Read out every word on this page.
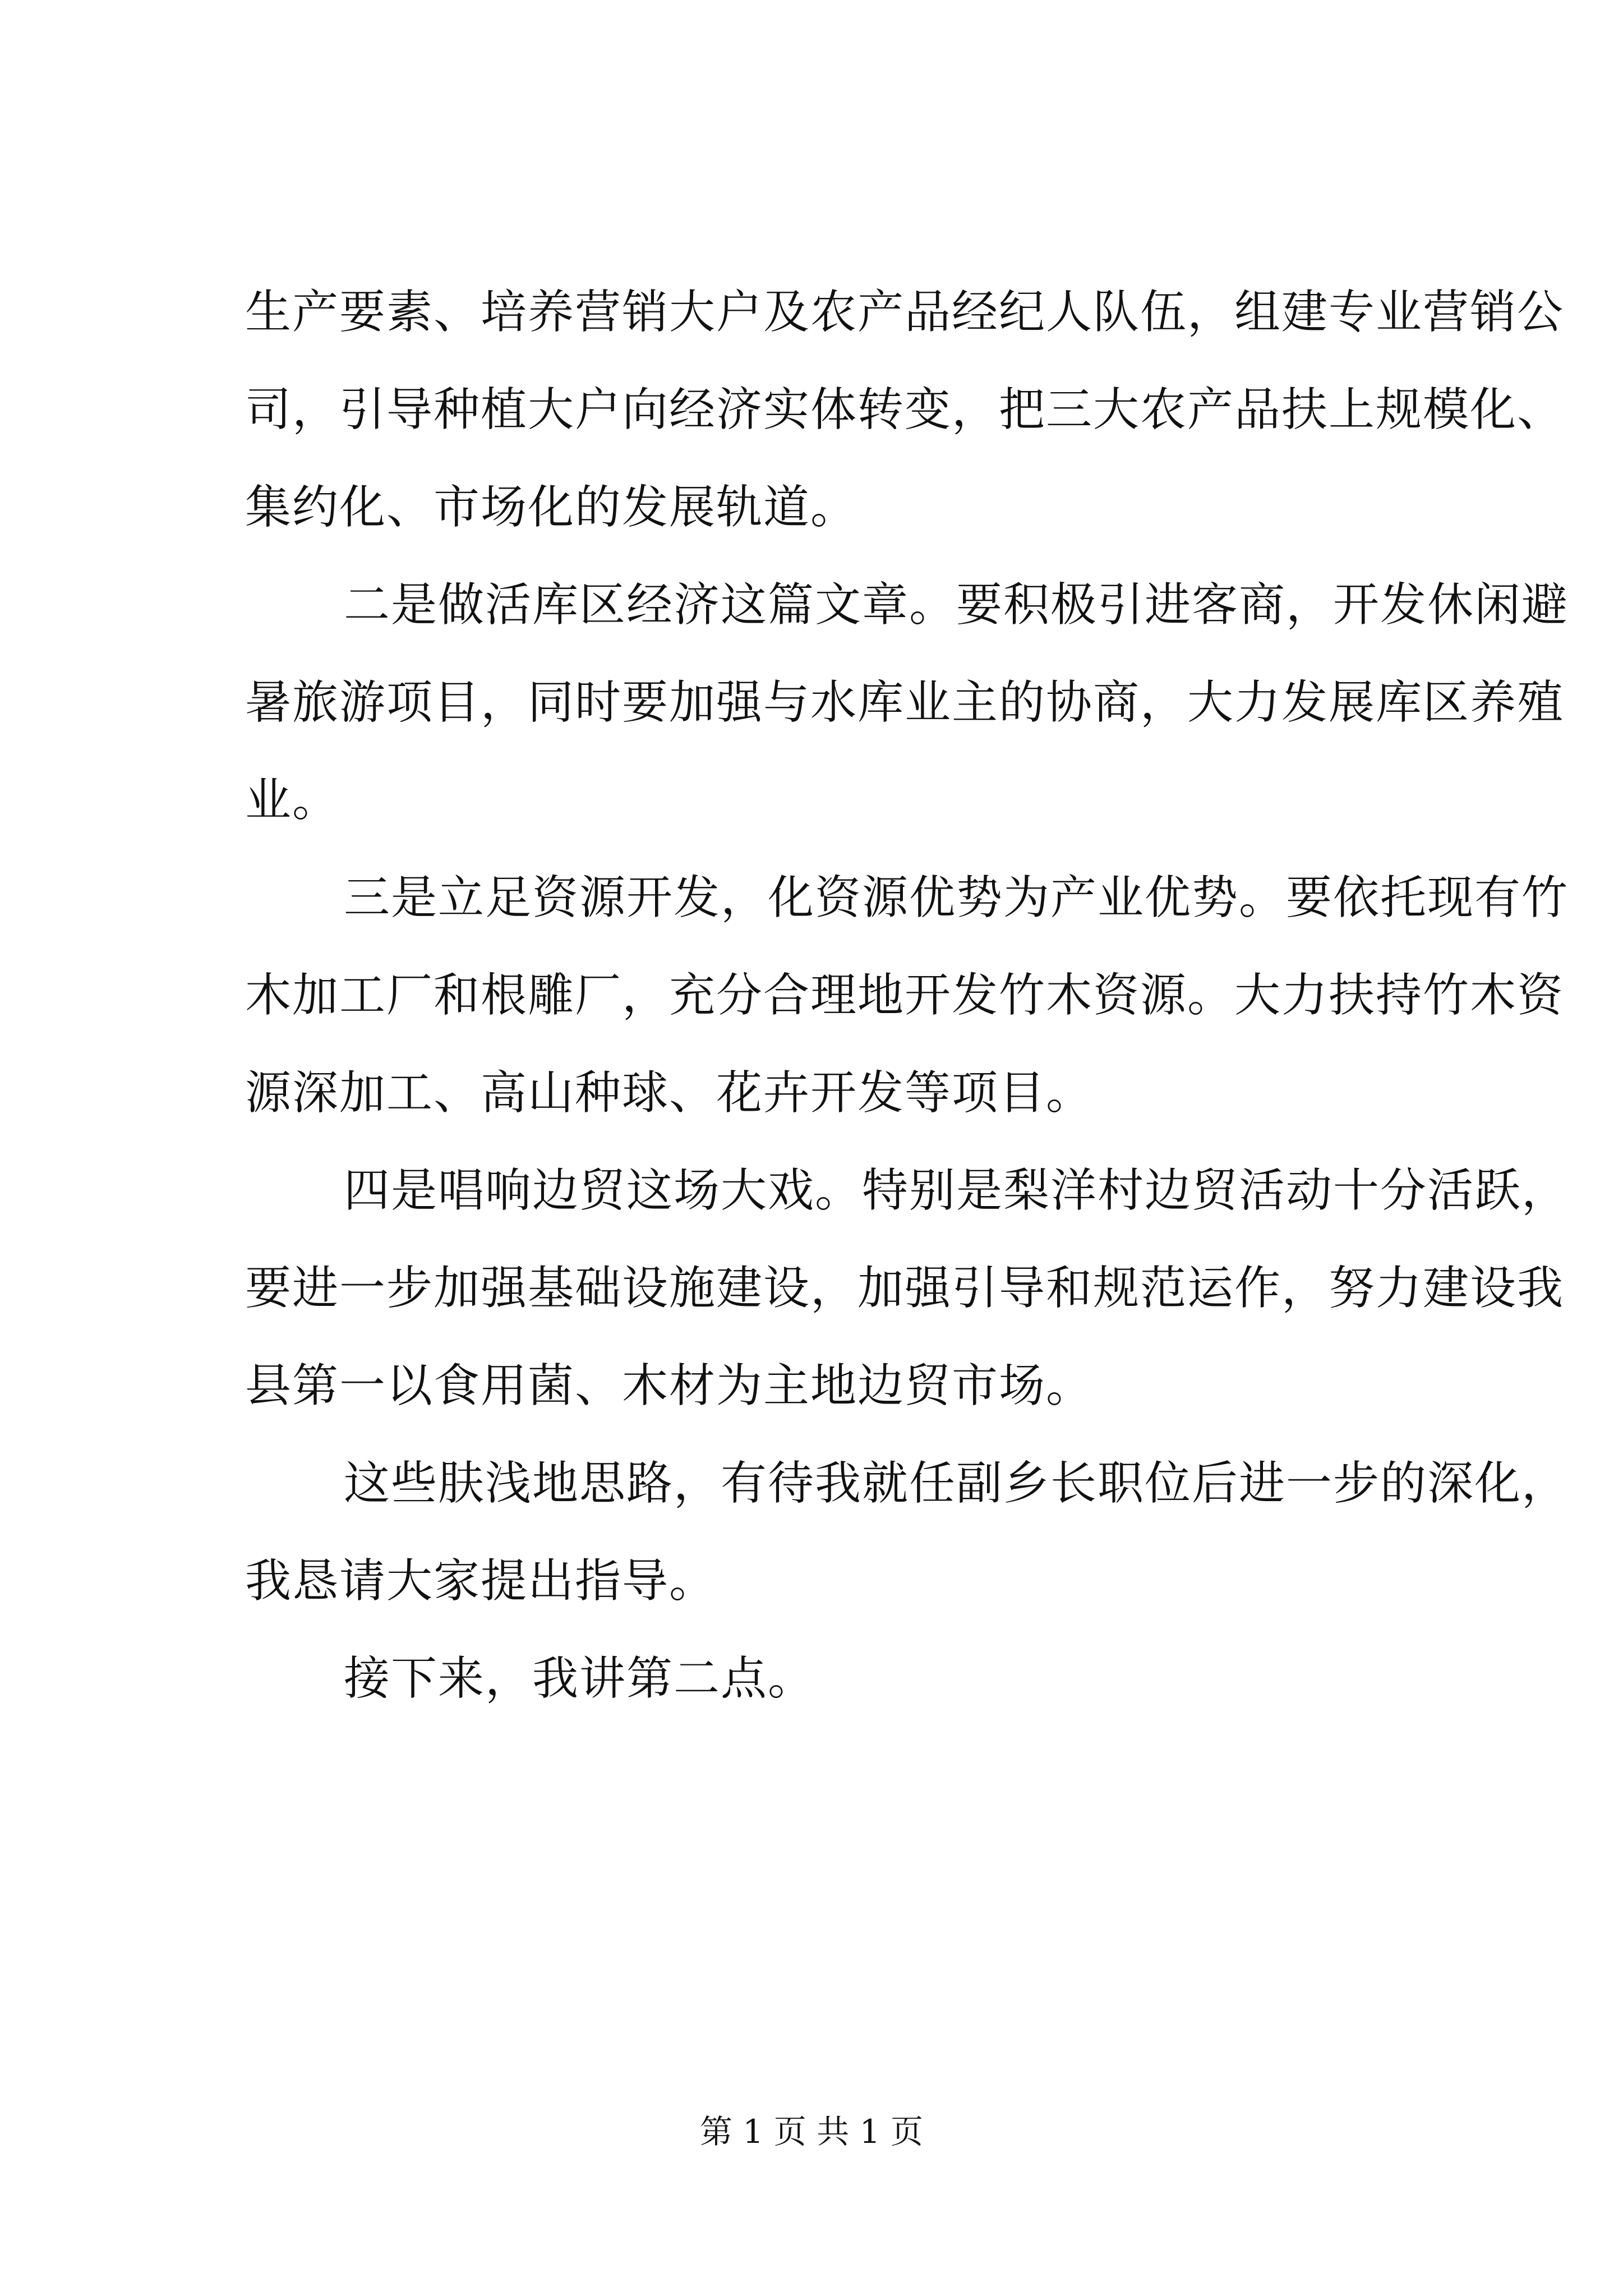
生产要素、培养营销大户及农产品经纪人队伍，组建专业营销公
司，引导种植大户向经济实体转变，把三大农产品扶上规模化、
集约化、市场化的发展轨道。
二是做活库区经济这篇文章。要积极引进客商，开发休闲避
暑旅游项目，同时要加强与水库业主的协商，大力发展库区养殖
业。
三是立足资源开发，化资源优势为产业优势。要依托现有竹
木加工厂和根雕厂，充分合理地开发竹木资源。大力扶持竹木资
源深加工、高山种球、花卉开发等项目。
四是唱响边贸这场大戏。特别是梨洋村边贸活动十分活跃，
要进一步加强基础设施建设，加强引导和规范运作，努力建设我
县第一以食用菌、木材为主地边贸市场。
这些肤浅地思路，有待我就任副乡长职位后进一步的深化，
我恳请大家提出指导。
接下来，我讲第二点。
第 1 页 共 1 页
